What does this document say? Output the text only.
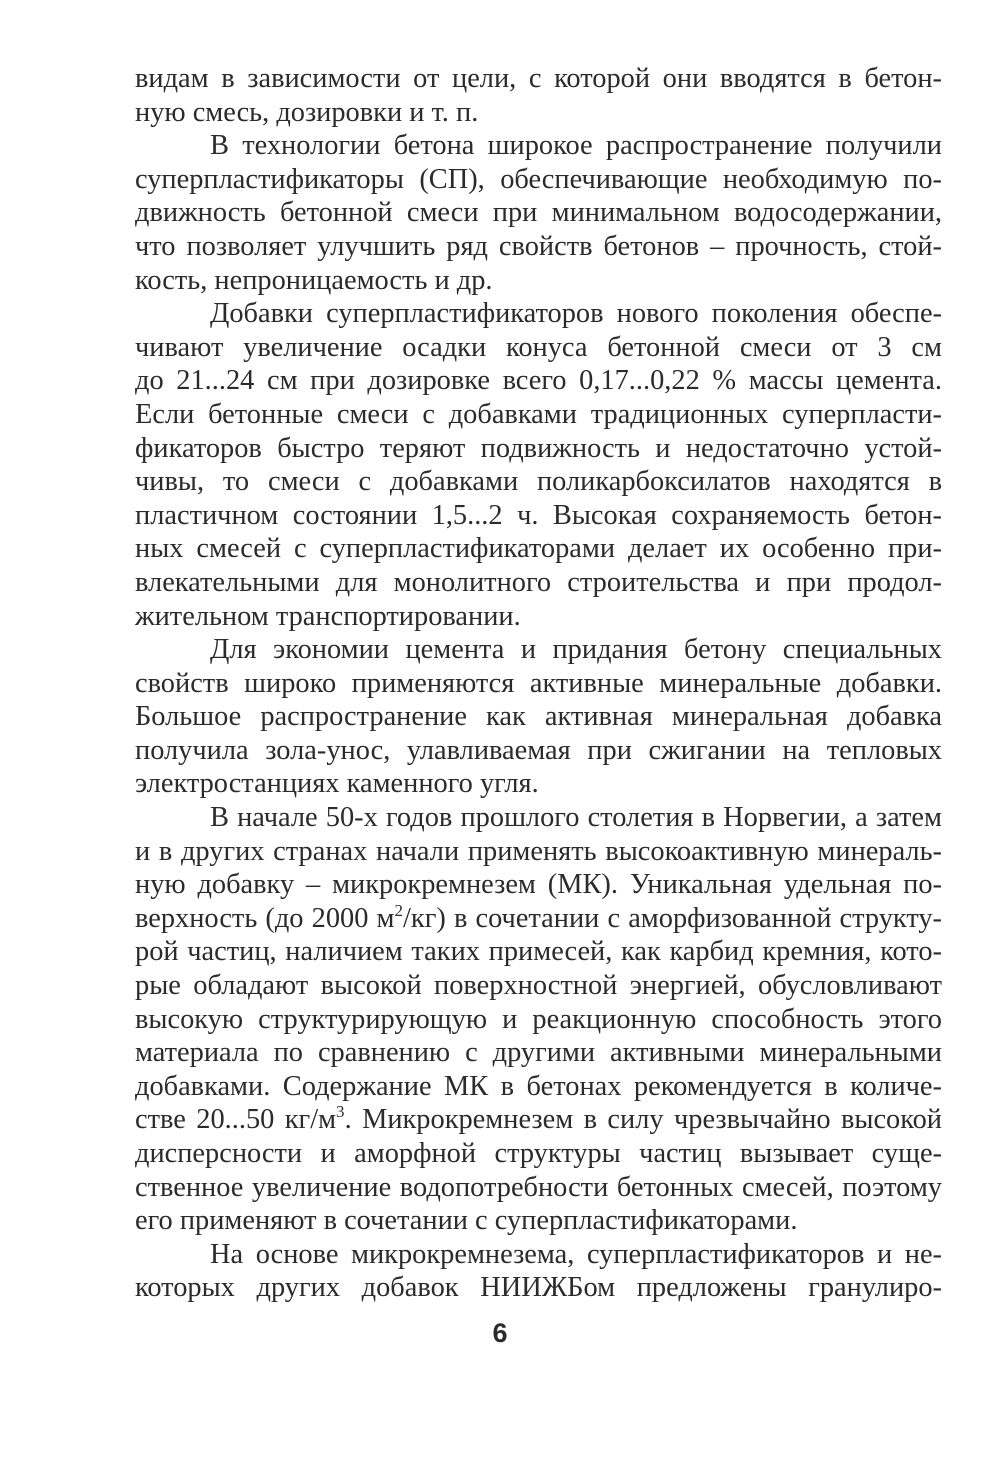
видам в зависимости от цели, с которой они вводятся в бетон-
ную смесь, дозировки и т. п.
В технологии бетона широкое распространение получили
суперпластификаторы (СП), обеспечивающие необходимую по-
движность бетонной смеси при минимальном водосодержании,
что позволяет улучшить ряд свойств бетонов – прочность, стой-
кость, непроницаемость и др.
Добавки суперпластификаторов нового поколения обеспе-
чивают увеличение осадки конуса бетонной смеси от 3 см
до 21...24 см при дозировке всего 0,17...0,22 % массы цемента.
Если бетонные смеси с добавками традиционных суперпласти-
фикаторов быстро теряют подвижность и недостаточно устой-
чивы, то смеси с добавками поликарбоксилатов находятся в
пластичном состоянии 1,5...2 ч. Высокая сохраняемость бетон-
ных смесей с суперпластификаторами делает их особенно при-
влекательными для монолитного строительства и при продол-
жительном транспортировании.
Для экономии цемента и придания бетону специальных
свойств широко применяются активные минеральные добавки.
Большое распространение как активная минеральная добавка
получила зола-унос, улавливаемая при сжигании на тепловых
электростанциях каменного угля.
В начале 50-х годов прошлого столетия в Норвегии, а затем
и в других странах начали применять высокоактивную минераль-
ную добавку – микрокремнезем (МК). Уникальная удельная по-
верхность (до 2000 $м^2/кг$) в сочетании с аморфизованной структу-
рой частиц, наличием таких примесей, как карбид кремния, кото-
рые обладают высокой поверхностной энергией, обусловливают
высокую структурирующую и реакционную способность этого
материала по сравнению с другими активными минеральными
добавками. Содержание МК в бетонах рекомендуется в количе-
стве 20...50 $кг/м^3$. Микрокремнезем в силу чрезвычайно высокой
дисперсности и аморфной структуры частиц вызывает суще-
ственное увеличение водопотребности бетонных смесей, поэтому
его применяют в сочетании с суперпластификаторами.
На основе микрокремнезема, суперпластификаторов и не-
которых других добавок НИИЖБом предложены гранулиро-
6
